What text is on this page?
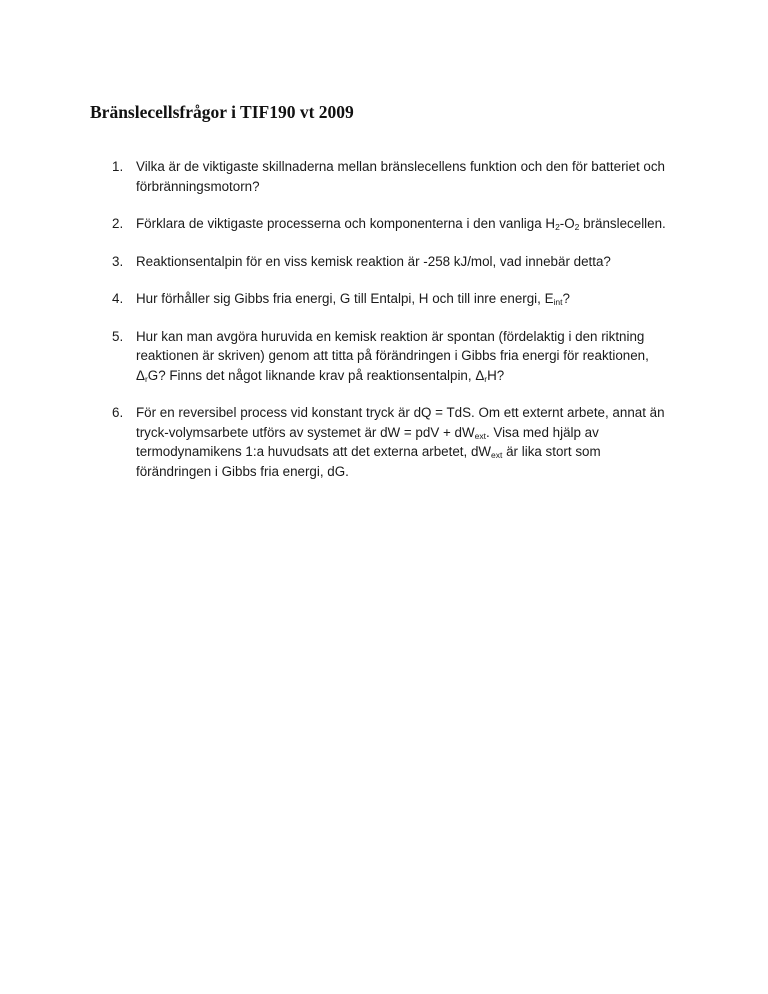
Bränslecellsfrågor i TIF190 vt 2009
1. Vilka är de viktigaste skillnaderna mellan bränslecellens funktion och den för batteriet och förbränningsmotorn?
2. Förklara de viktigaste processerna och komponenterna i den vanliga $H_2-O_2$ bränslecellen.
3. Reaktionsentalpin för en viss kemisk reaktion är -258 kJ/mol, vad innebär detta?
4. Hur förhåller sig Gibbs fria energi, G till Entalpi, H och till inre energi, $E_{int}$?
5. Hur kan man avgöra huruvida en kemisk reaktion är spontan (fördelaktig i den riktning reaktionen är skriven) genom att titta på förändringen i Gibbs fria energi för reaktionen, $\Delta_rG$? Finns det något liknande krav på reaktionsentalpin, $\Delta_rH$?
6. För en reversibel process vid konstant tryck är dQ = TdS. Om ett externt arbete, annat än tryck-volymsarbete utförs av systemet är dW = pdV + $dW_{ext}$. Visa med hjälp av termodynamikens 1:a huvudsats att det externa arbetet, $dW_{ext}$ är lika stort som förändringen i Gibbs fria energi, dG.
